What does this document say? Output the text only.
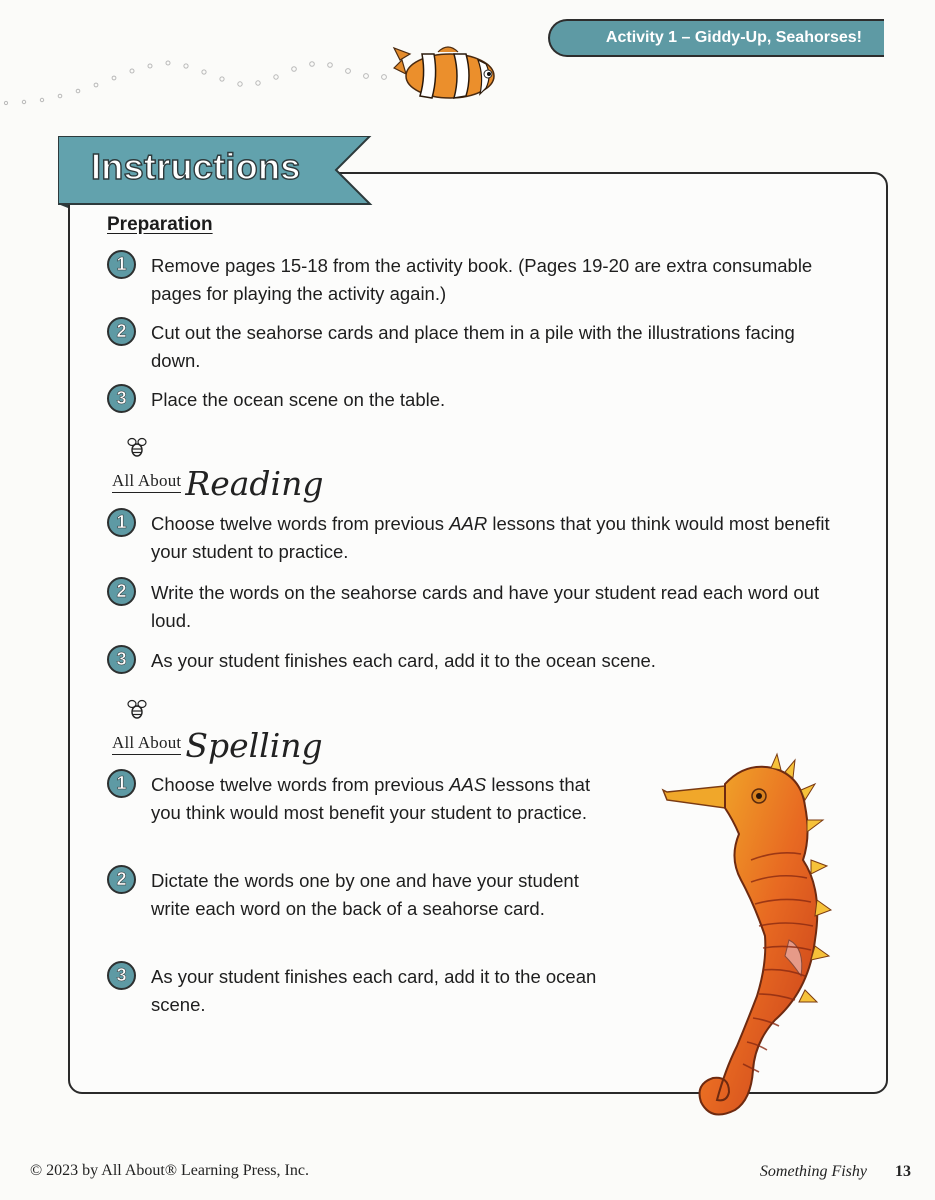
Activity 1 – Giddy-Up, Seahorses!
Instructions
Preparation
1	Remove pages 15-18 from the activity book. (Pages 19-20 are extra consumable pages for playing the activity again.)
2	Cut out the seahorse cards and place them in a pile with the illustrations facing down.
3	Place the ocean scene on the table.
All About Reading
1	Choose twelve words from previous AAR lessons that you think would most benefit your student to practice.
2	Write the words on the seahorse cards and have your student read each word out loud.
3	As your student finishes each card, add it to the ocean scene.
All About Spelling
1	Choose twelve words from previous AAS lessons that you think would most benefit your student to practice.
2	Dictate the words one by one and have your student write each word on the back of a seahorse card.
3	As your student finishes each card, add it to the ocean scene.
© 2023 by All About® Learning Press, Inc.	Something Fishy 13
